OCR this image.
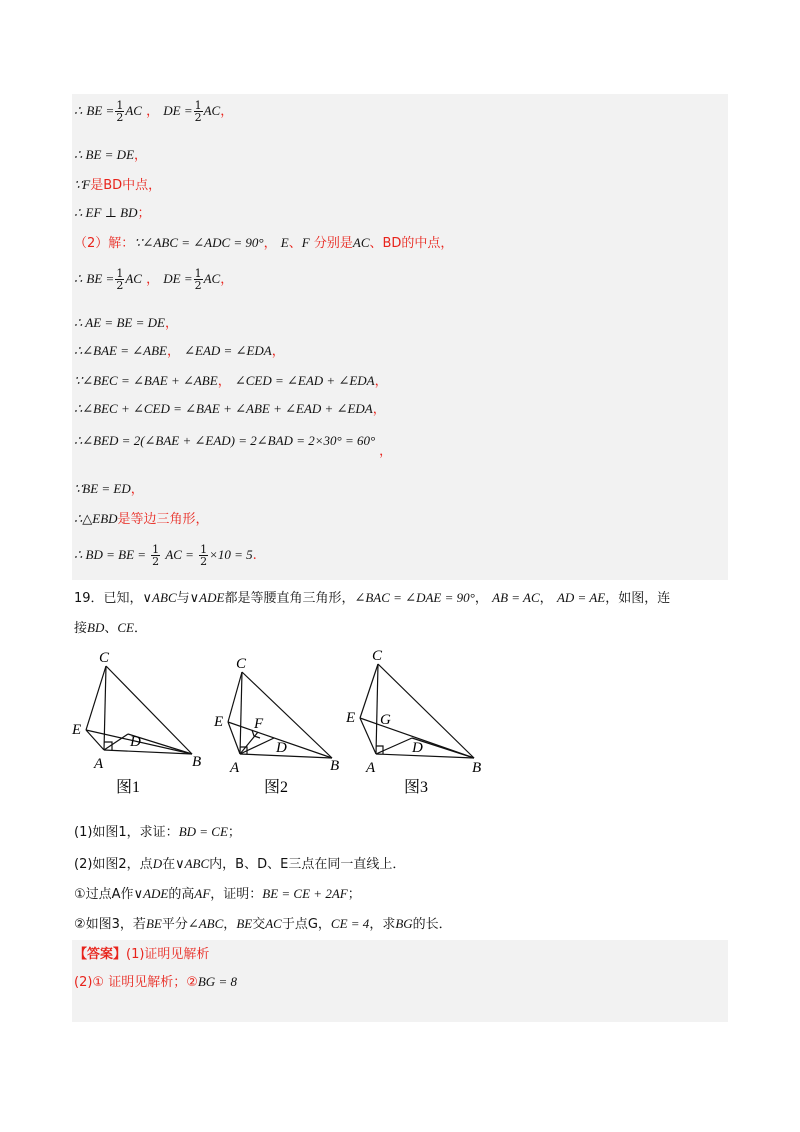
∴ BE = $\frac{1}{2}$ AC ， DE = $\frac{1}{2}$ AC，
∴ BE = DE，
∵F是BD中点，
∴ EF ⊥ BD；
（2）解：∵∠ABC = ∠ADC = 90°， E、F 分别是AC、BD的中点，
∴ BE = $\frac{1}{2}$ AC ， DE = $\frac{1}{2}$ AC，
∴ AE = BE = DE，
∴∠BAE = ∠ABE， ∠EAD = ∠EDA，
∵∠BEC = ∠BAE + ∠ABE， ∠CED = ∠EAD + ∠EDA，
∴∠BEC + ∠CED = ∠BAE + ∠ABE + ∠EAD + ∠EDA，
∴∠BED = 2(∠BAE + ∠EAD) = 2∠BAD = 2×30° = 60°，
∵BE = ED，
∴△EBD是等边三角形，
∴ BD = BE = $\frac{1}{2}$ AC = $\frac{1}{2} \times 10 = 5$.
19．已知，∨ABC与∨ADE都是等腰直角三角形，∠BAC = ∠DAE = 90°， AB = AC， AD = AE，如图，连
接BD、CE．
C
E
D
A	B
图1
C
E F
D
A	B
图2
C
E G
D
A	B
图3
(1)如图1，求证：BD = CE；
(2)如图2，点D在∨ABC内，B、D、E三点在同一直线上．
①过点A作∨ADE的高AF，证明：BE = CE + 2AF；
②如图3，若BE平分∠ABC，BE交AC于点G，CE = 4，求BG的长．
【答案】(1)证明见解析
(2)① 证明见解析；②BG = 8
